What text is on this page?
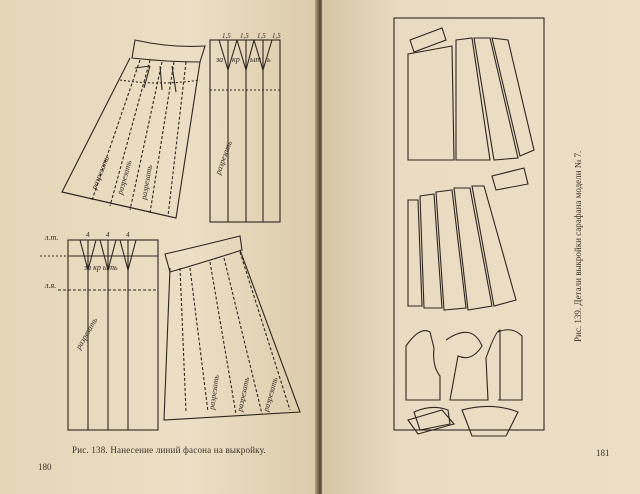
л.т.
л.я.
за кр ыть
за кр ыт ь
1,5 1,5 1,5 1,5
4 4 4
разрезать
разрезать
разрезать разрезать разрезать
разрезать разрезать разрезать
Рис. 138. Нанесение линий фасона на выкройку.
180
Рис. 139. Детали выкройки сарафана модели № 7.
181
